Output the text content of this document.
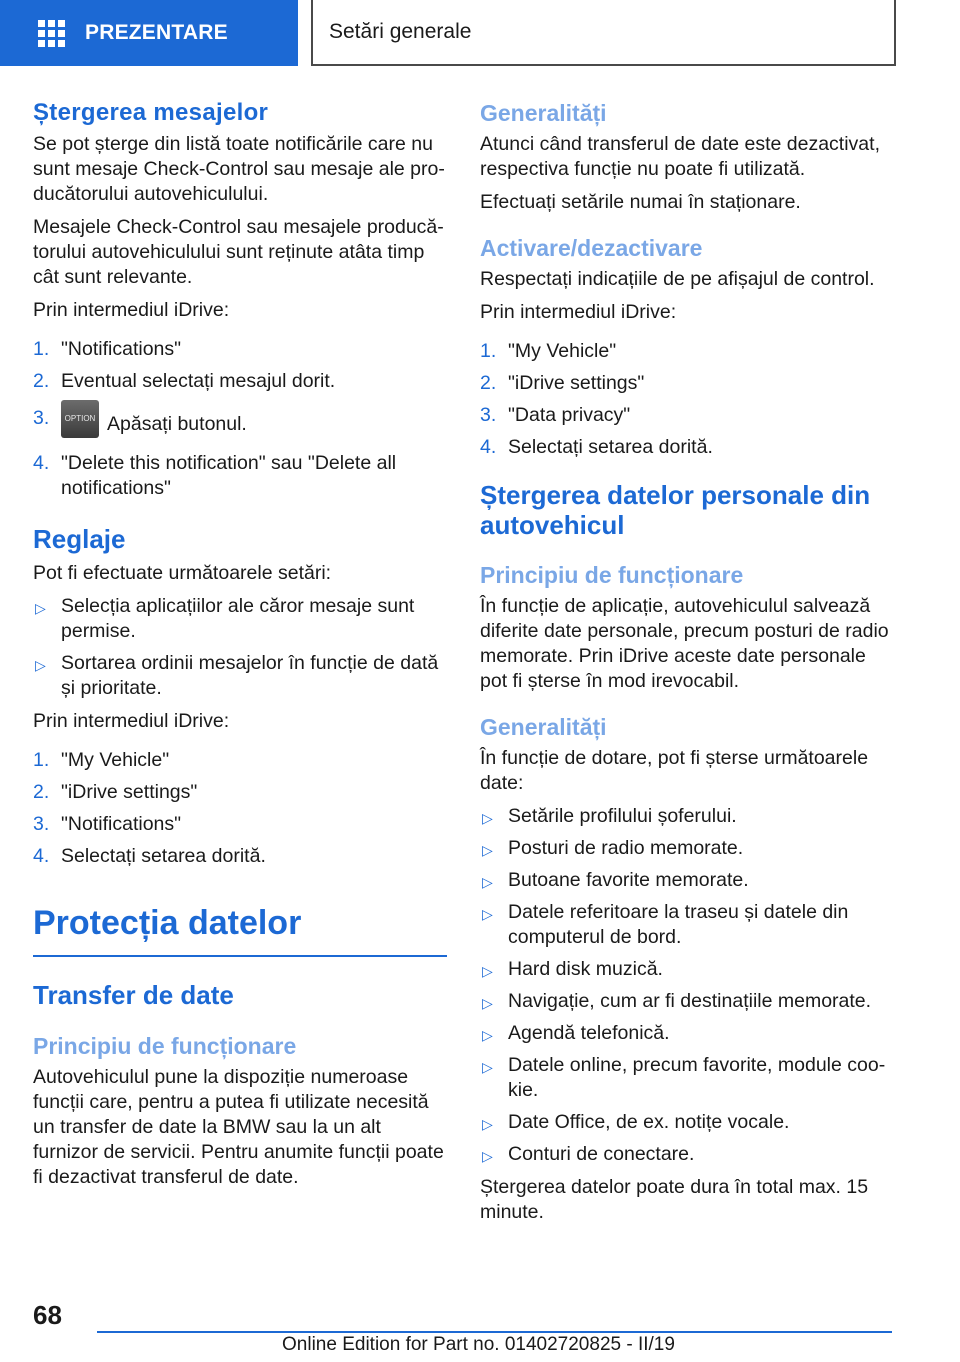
PREZENTARE	Setări generale
Ștergerea mesajelor

Se pot șterge din listă toate notificările care nu sunt mesaje Check-Control sau mesaje ale producătorului autovehiculului.

Mesajele Check-Control sau mesajele producătorului autovehiculului sunt reținute atâta timp cât sunt relevante.

Prin intermediul iDrive:

1. "Notifications"
2. Eventual selectați mesajul dorit.
3. OPTION Apăsați butonul.
4. "Delete this notification" sau "Delete all notifications"
Reglaje

Pot fi efectuate următoarele setări:

▷ Selecția aplicațiilor ale căror mesaje sunt permise.
▷ Sortarea ordinii mesajelor în funcție de dată și prioritate.

Prin intermediul iDrive:

1. "My Vehicle"
2. "iDrive settings"
3. "Notifications"
4. Selectați setarea dorită.
Protecția datelor
Transfer de date
Principiu de funcționare

Autovehiculul pune la dispoziție numeroase funcții care, pentru a putea fi utilizate necesită un transfer de date la BMW sau la un alt furnizor de servicii. Pentru anumite funcții poate fi dezactivat transferul de date.

Generalități

Atunci când transferul de date este dezactivat, respectiva funcție nu poate fi utilizată.

Efectuați setările numai în staționare.

Activare/dezactivare

Respectați indicațiile de pe afișajul de control.

Prin intermediul iDrive:

1. "My Vehicle"
2. "iDrive settings"
3. "Data privacy"
4. Selectați setarea dorită.
Ștergerea datelor personale din autovehicul
Principiu de funcționare

În funcție de aplicație, autovehiculul salvează diferite date personale, precum posturi de radio memorate. Prin iDrive aceste date personale pot fi șterse în mod irevocabil.

Generalități

În funcție de dotare, pot fi șterse următoarele date:

▷ Setările profilului șoferului.
▷ Posturi de radio memorate.
▷ Butoane favorite memorate.
▷ Datele referitoare la traseu și datele din computerul de bord.
▷ Hard disk muzică.
▷ Navigație, cum ar fi destinațiile memorate.
▷ Agendă telefonică.
▷ Datele online, precum favorite, module cookie.
▷ Date Office, de ex. notițe vocale.
▷ Conturi de conectare.

Ștergerea datelor poate dura în total max. 15 minute.

68
Online Edition for Part no. 01402720825 - II/19
